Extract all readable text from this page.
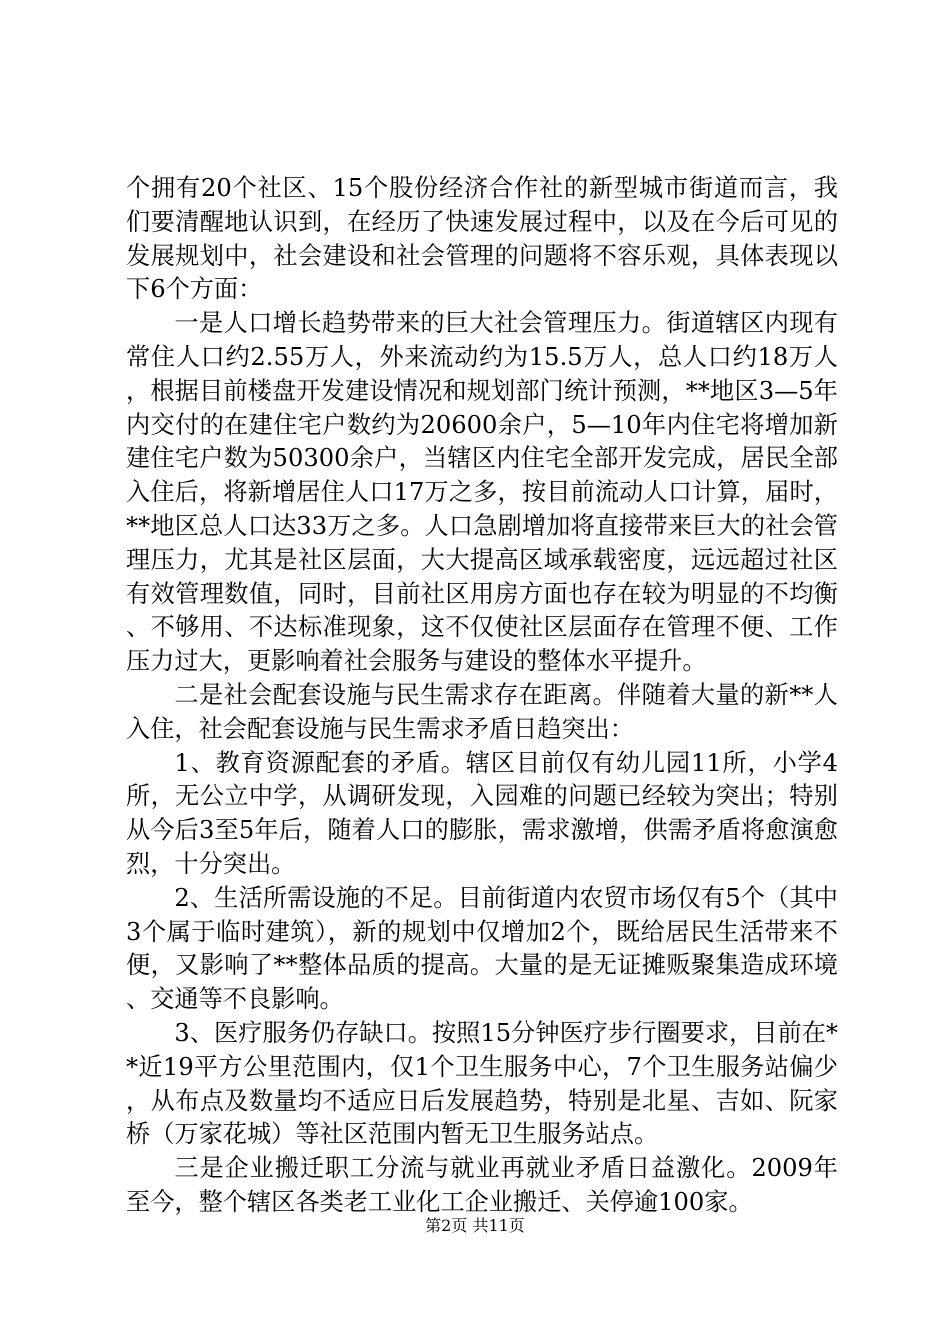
个拥有20个社区、15个股份经济合作社的新型城市街道而言，我们要清醒地认识到，在经历了快速发展过程中，以及在今后可见的发展规划中，社会建设和社会管理的问题将不容乐观，具体表现以下6个方面：

一是人口增长趋势带来的巨大社会管理压力。街道辖区内现有常住人口约2.55万人，外来流动约为15.5万人，总人口约18万人，根据目前楼盘开发建设情况和规划部门统计预测，**地区3—5年内交付的在建住宅户数约为20600余户，5—10年内住宅将增加新建住宅户数为50300余户，当辖区内住宅全部开发完成，居民全部入住后，将新增居住人口17万之多，按目前流动人口计算，届时，**地区总人口达33万之多。人口急剧增加将直接带来巨大的社会管理压力，尤其是社区层面，大大提高区域承载密度，远远超过社区有效管理数值，同时，目前社区用房方面也存在较为明显的不均衡、不够用、不达标准现象，这不仅使社区层面存在管理不便、工作压力过大，更影响着社会服务与建设的整体水平提升。

二是社会配套设施与民生需求存在距离。伴随着大量的新**人入住，社会配套设施与民生需求矛盾日趋突出：

1、教育资源配套的矛盾。辖区目前仅有幼儿园11所，小学4所，无公立中学，从调研发现，入园难的问题已经较为突出；特别从今后3至5年后，随着人口的膨胀，需求激增，供需矛盾将愈演愈烈，十分突出。

2、生活所需设施的不足。目前街道内农贸市场仅有5个（其中3个属于临时建筑），新的规划中仅增加2个，既给居民生活带来不便，又影响了**整体品质的提高。大量的是无证摊贩聚集造成环境、交通等不良影响。

3、医疗服务仍存缺口。按照15分钟医疗步行圈要求，目前在**近19平方公里范围内，仅1个卫生服务中心，7个卫生服务站偏少，从布点及数量均不适应日后发展趋势，特别是北星、吉如、阮家桥（万家花城）等社区范围内暂无卫生服务站点。

三是企业搬迁职工分流与就业再就业矛盾日益激化。2009年至今，整个辖区各类老工业化工企业搬迁、关停逾100家。

第2页 共11页
